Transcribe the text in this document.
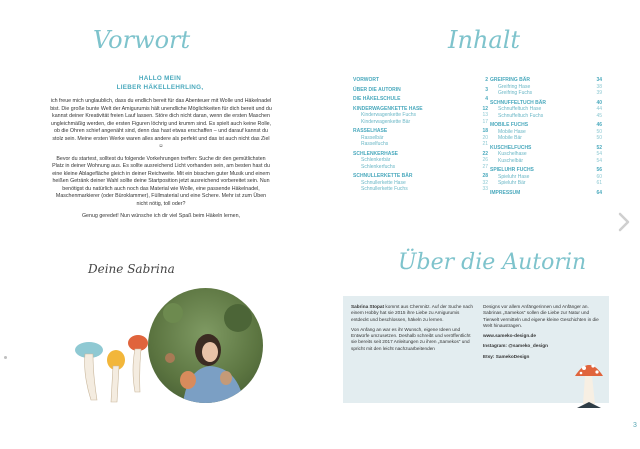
Vorwort
HALLO MEIN
LIEBER HÄKELLEHRLING,

ich freue mich unglaublich, dass du endlich bereit für das Abenteuer mit Wolle und Häkelnadel bist. Die große bunte Welt der Amigurumis hält unendliche Möglichkeiten für dich bereit und du kannst deiner Kreativität freien Lauf lassen. Störe dich nicht daran, wenn die ersten Maschen ungleichmäßig werden, die ersten Figuren löchrig und krumm sind. Es spielt auch keine Rolle, ob die Ohren schief angenäht sind, denn das hast etwas erschaffen – und darauf kannst du stolz sein. Meine ersten Werke waren alles andere als perfekt und das ist auch nicht das Ziel ☺

Bevor du startest, solltest du folgende Vorkehrungen treffen: Suche dir den gemütlichsten Platz in deiner Wohnung aus. Es sollte ausreichend Licht vorhanden sein, am besten hast du eine kleine Ablagefläche gleich in deiner Reichweite. Mit ein bisschen guter Musik und einem heißen Getränk deiner Wahl sollte deine Startposition jetzt ausreichend vorbereitet sein. Nun benötigst du natürlich auch noch das Material wie Wolle, eine passende Häkelnadel, Maschenmarkierer (oder Büroklammer), Füllmaterial und eine Schere. Mehr ist zum Üben nicht nötig, toll oder?

Genug geredet! Nun wünsche ich dir viel Spaß beim Häkeln lernen,

Deine Sabrina
Inhalt
VORWORT	2
ÜBER DIE AUTORIN	3
DIE HÄKELSCHULE	4
KINDERWAGENKETTE HASE	12
Kinderwagenkette Fuchs	13
Kinderwagenkette Bär	17
RASSELHASE	18
Rasselbär	20
Rasselfuchs	21
SCHLENKERHASE	22
Schlenkerbär	26
Schlenkerfuchs	27
SCHNULLERKETTE BÄR	28
Schnullerkette Hase	32
Schnullerkette Fuchs	33
GREIFRING BÄR	34
Greifring Hase	38
Greifring Fuchs	39
SCHNUFFELTUCH BÄR	40
Schnuffeltuch Hase	44
Schnuffeltuch Fuchs	45
MOBILE FUCHS	46
Mobile Hase	50
Mobile Bär	50
KUSCHELFUCHS	52
Kuschelhase	54
Kuschelbär	54
SPIELUHR FUCHS	56
Spieluhr Hase	60
Spieluhr Bär	61
IMPRESSUM	64
Über die Autorin

Sabrina Stopat kommt aus Chemnitz. Auf der Suche nach einem Hobby hat sie 2015 ihre Liebe zu Amigurumis entdeckt und beschlossen, häkeln zu lernen.

Von Anfang an war es ihr Wunsch, eigene Ideen und Entwürfe umzusetzen. Deshalb schreibt und veröffentlicht sie bereits seit 2017 Anleitungen zu ihren „Samekos“ und spricht mit den leicht nachzuarbeitenden

Designs vor allem Anfängerinnen und Anfänger an. Sabrinas „Samekos“ sollen die Liebe zur Natur und Tierwelt vermitteln und eigene kleine Geschichten in die Welt hinaustragen.

www.sameko-design.de

Instagram: @sameko_design

Etsy: SamekoDesign

3
